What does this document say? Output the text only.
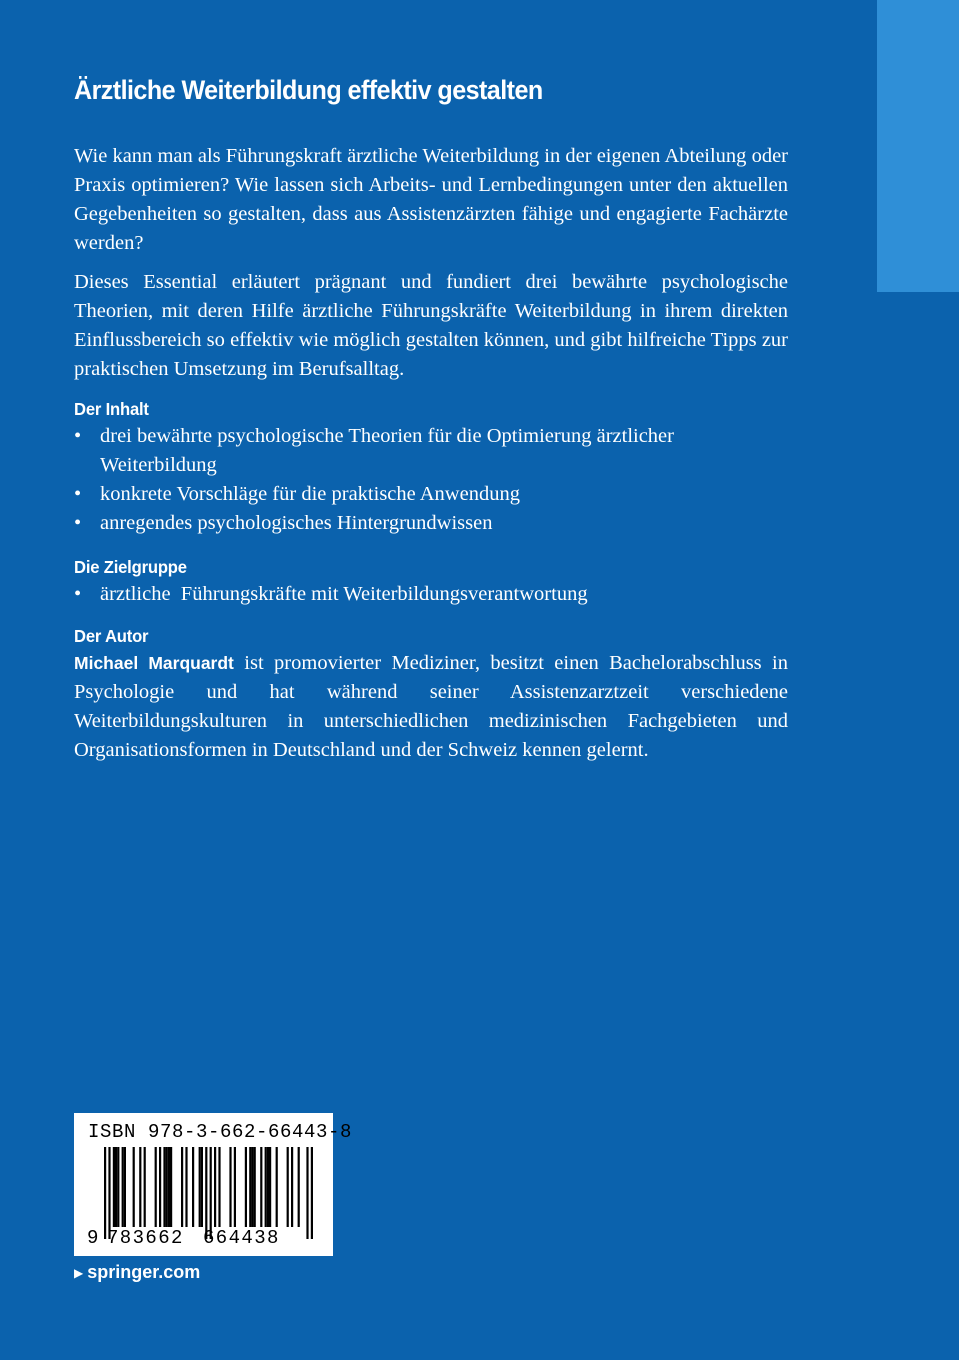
Ärztliche Weiterbildung effektiv gestalten

Wie kann man als Führungskraft ärztliche Weiterbildung in der eigenen Abteilung oder Praxis optimieren? Wie lassen sich Arbeits- und Lernbedingungen unter den aktuellen Gegebenheiten so gestalten, dass aus Assistenzärzten fähige und engagierte Fachärzte werden?

Dieses Essential erläutert prägnant und fundiert drei bewährte psychologische Theorien, mit deren Hilfe ärztliche Führungskräfte Weiterbildung in ihrem direkten Einflussbereich so effektiv wie möglich gestalten können, und gibt hilfreiche Tipps zur praktischen Umsetzung im Berufsalltag.

Der Inhalt
• drei bewährte psychologische Theorien für die Optimierung ärztlicher Weiterbildung
• konkrete Vorschläge für die praktische Anwendung
• anregendes psychologisches Hintergrundwissen
Die Zielgruppe
• ärztliche  Führungskräfte mit Weiterbildungsverantwortung
Der Autor

Michael Marquardt ist promovierter Mediziner, besitzt einen Bachelorabschluss in Psychologie und hat während seiner Assistenzarztzeit verschiedene Weiterbildungskulturen in unterschiedlichen medizinischen Fachgebieten und Organisationsformen in Deutschland und der Schweiz kennen gelernt.

ISBN 978-3-662-66443-8
9 783662 664438
▶ springer.com
